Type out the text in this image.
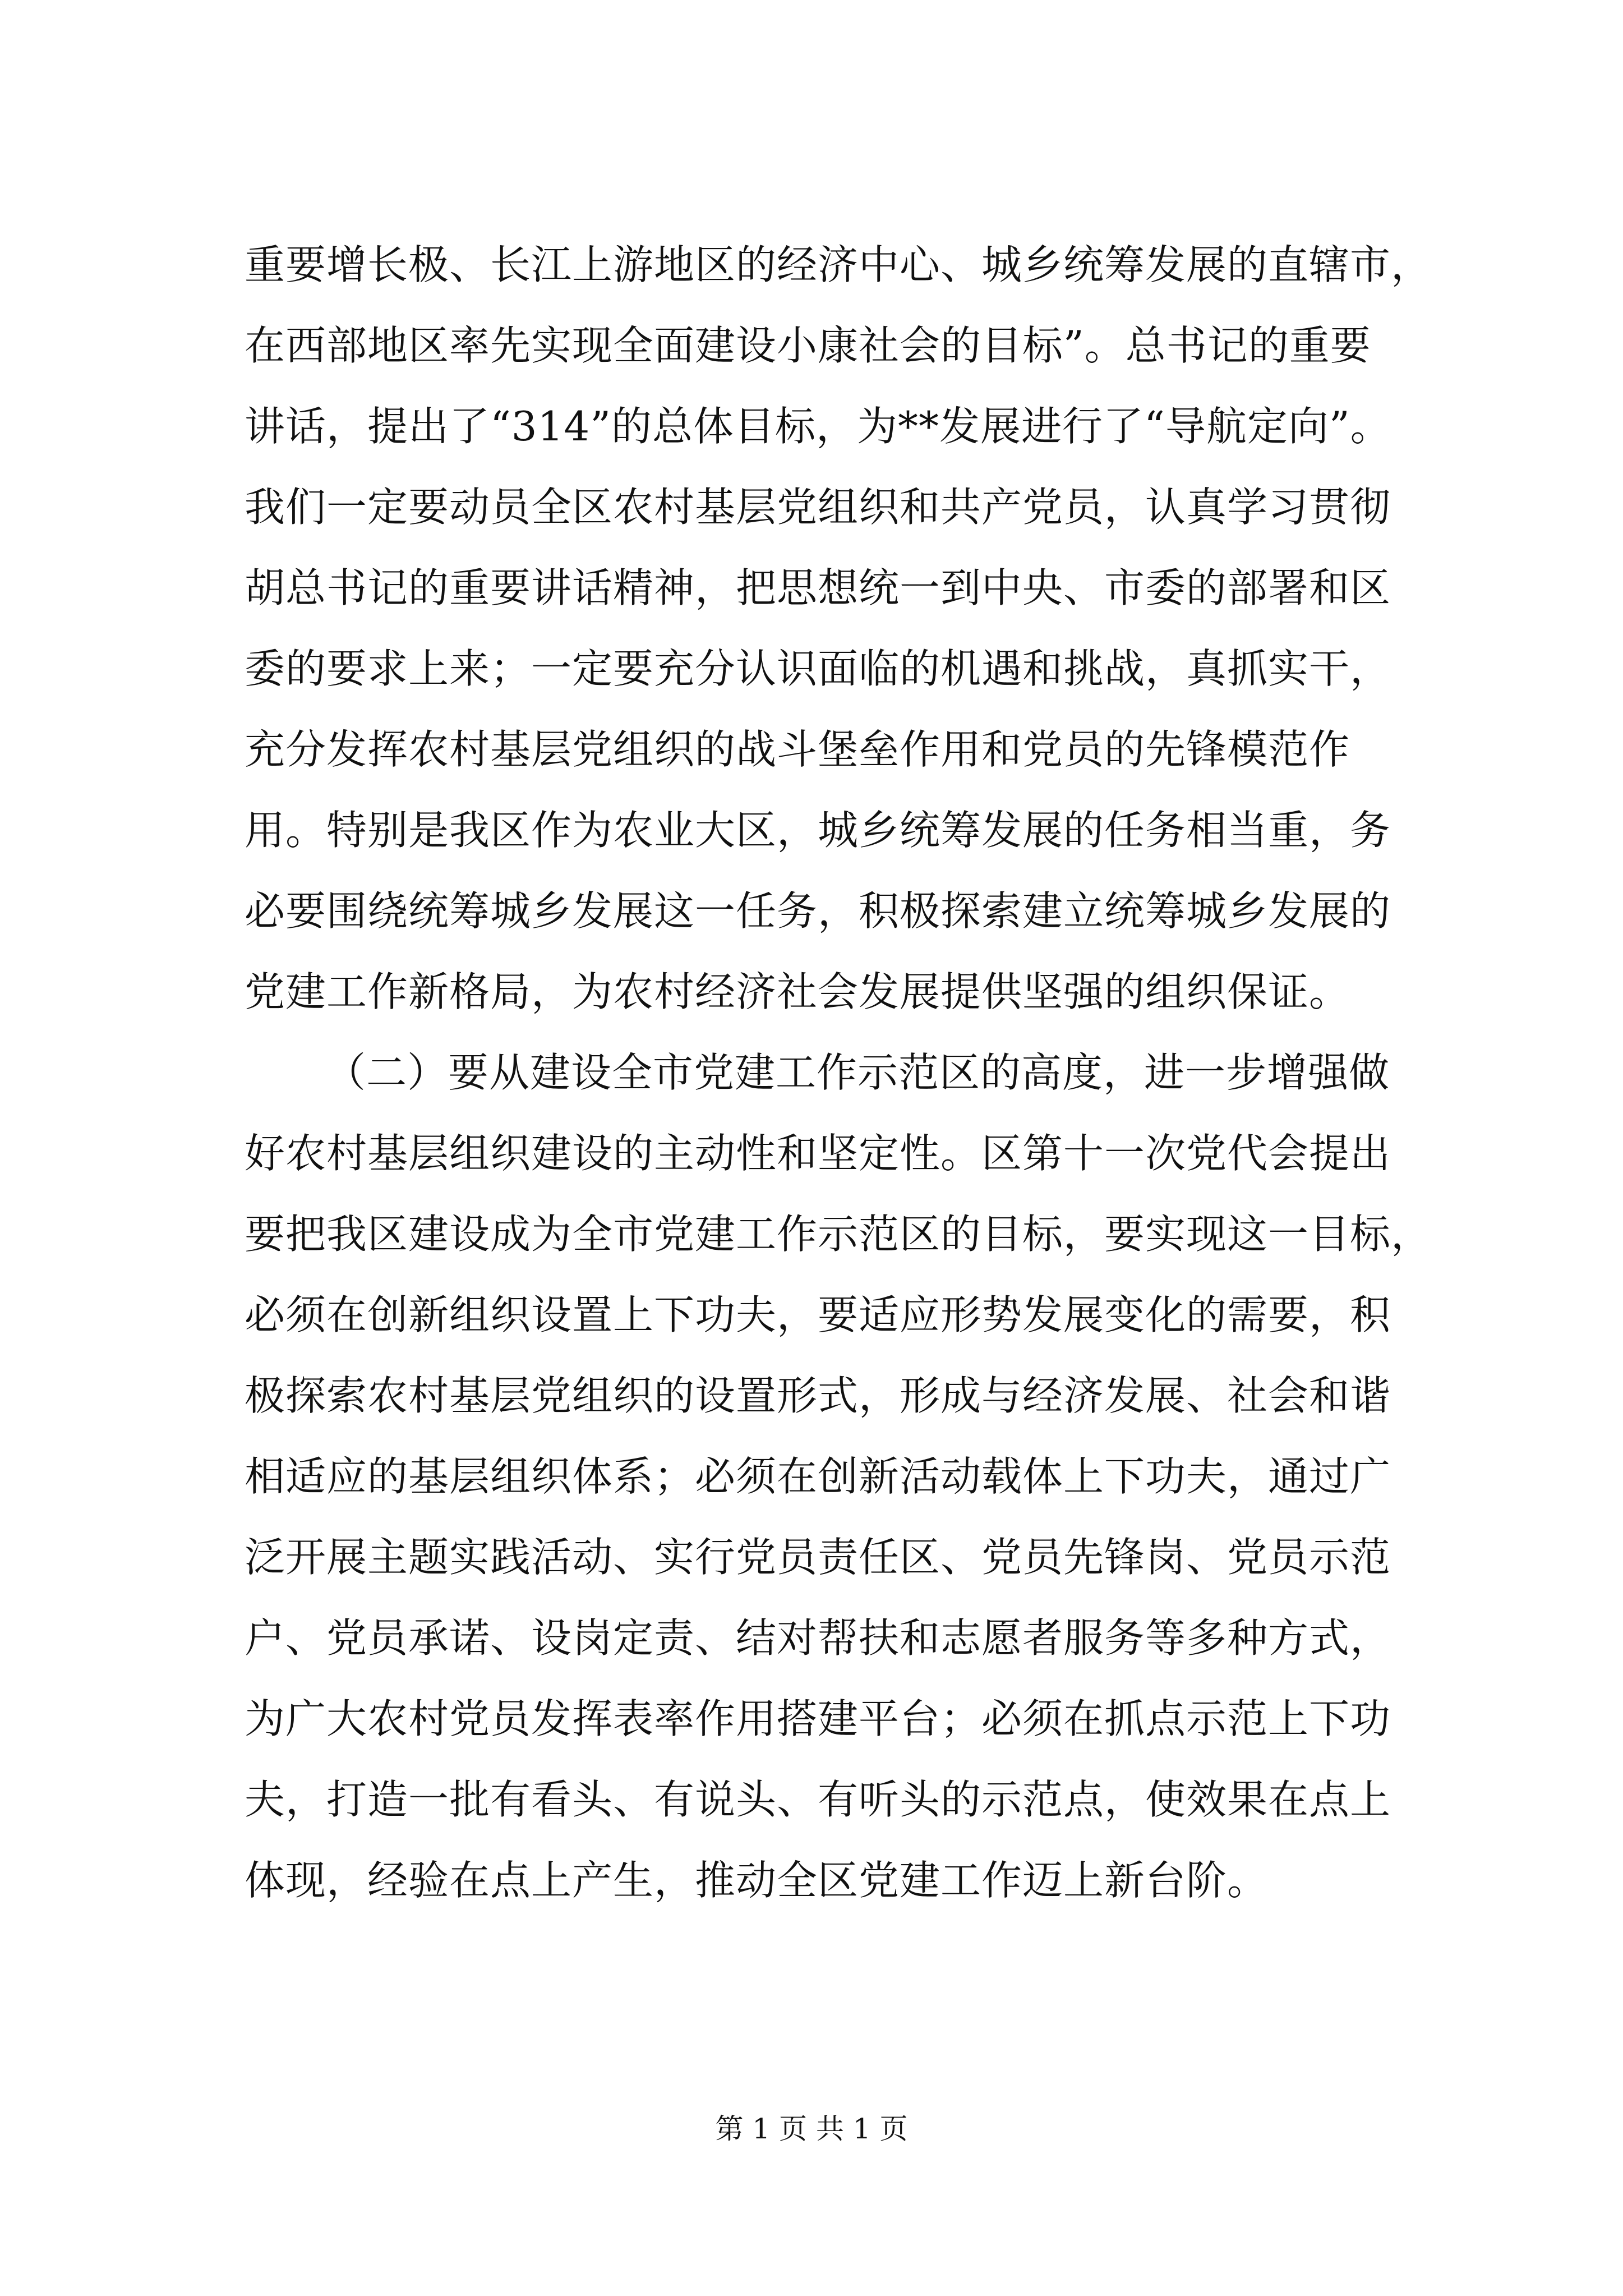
重要增长极、长江上游地区的经济中心、城乡统筹发展的直辖市，
在西部地区率先实现全面建设小康社会的目标”。总书记的重要
讲话，提出了“314”的总体目标，为**发展进行了“导航定向”。
我们一定要动员全区农村基层党组织和共产党员，认真学习贯彻
胡总书记的重要讲话精神，把思想统一到中央、市委的部署和区
委的要求上来；一定要充分认识面临的机遇和挑战，真抓实干，
充分发挥农村基层党组织的战斗堡垒作用和党员的先锋模范作
用。特别是我区作为农业大区，城乡统筹发展的任务相当重，务
必要围绕统筹城乡发展这一任务，积极探索建立统筹城乡发展的
党建工作新格局，为农村经济社会发展提供坚强的组织保证。
（二）要从建设全市党建工作示范区的高度，进一步增强做
好农村基层组织建设的主动性和坚定性。区第十一次党代会提出
要把我区建设成为全市党建工作示范区的目标，要实现这一目标，
必须在创新组织设置上下功夫，要适应形势发展变化的需要，积
极探索农村基层党组织的设置形式，形成与经济发展、社会和谐
相适应的基层组织体系；必须在创新活动载体上下功夫，通过广
泛开展主题实践活动、实行党员责任区、党员先锋岗、党员示范
户、党员承诺、设岗定责、结对帮扶和志愿者服务等多种方式，
为广大农村党员发挥表率作用搭建平台；必须在抓点示范上下功
夫，打造一批有看头、有说头、有听头的示范点，使效果在点上
体现，经验在点上产生，推动全区党建工作迈上新台阶。
第 1 页 共 1 页
